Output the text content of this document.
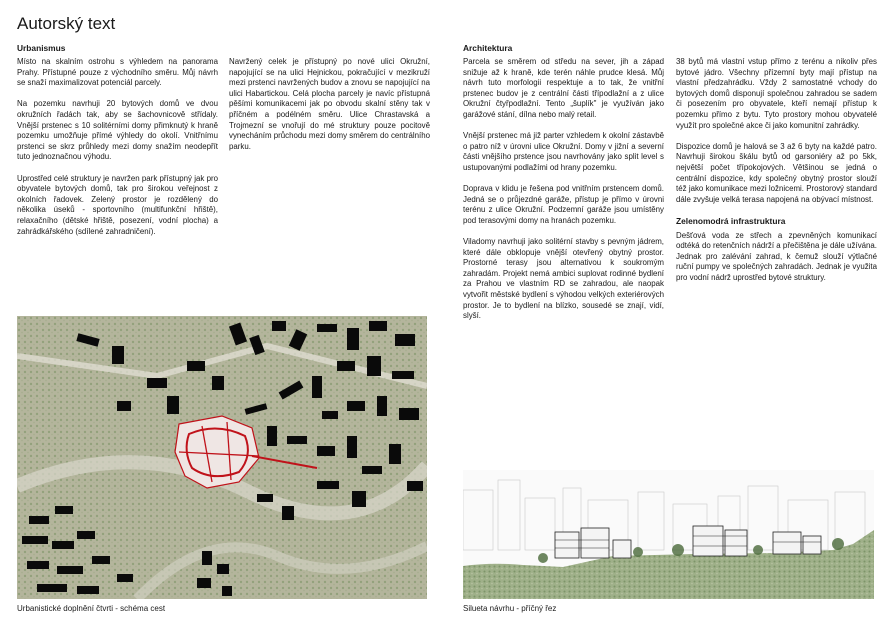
Autorský text
Urbanismus

Místo na skalním ostrohu s výhledem na panorama Prahy. Přístupné pouze z východního směru. Můj návrh se snaží maximalizovat potenciál parcely.

Na pozemku navrhuji 20 bytových domů ve dvou okružních řadách tak, aby se šachovnicově střídaly. Vnější prstenec s 10 solitérními domy přimknutý k hraně pozemku umožňuje přímé výhledy do okolí. Vnitřnímu prstenci se skrz průhledy mezi domy snažím neodepřít tuto jednoznačnou výhodu.

Uprostřed celé struktury je navržen park přístupný jak pro obyvatele bytových domů, tak pro širokou veřejnost z okolních řadovek. Zelený prostor je rozdělený do několika úseků - sportovního (multifunkční hřiště), relaxačního (dětské hřiště, posezení, vodní plocha) a zahrádkářského (sdílené zahradničení).

Navržený celek je přístupný po nové ulici Okružní, napojující se na ulici Hejnickou, pokračující v mezikruží mezi prstenci navržených budov a znovu se napojující na ulici Habartickou. Celá plocha parcely je navíc přístupná pěšími komunikacemi jak po obvodu skalní stěny tak v příčném a podélném směru. Ulice Chrastavská a Trojmezní se vnořují do mé struktury pouze pocitově vynecháním průchodu mezi domy směrem do centrálního parku.

Architektura

Parcela se směrem od středu na sever, jih a západ snižuje až k hraně, kde terén náhle prudce klesá. Můj návrh tuto morfologii respektuje a to tak, že vnitřní prstenec budov je z centrální části třípodlažní a z ulice Okružní čtyřpodlažní. Tento „šuplík" je využíván jako garážové stání, dílna nebo malý retail.

Vnější prstenec má již parter vzhledem k okolní zástavbě o patro níž v úrovni ulice Okružní. Domy v jižní a severní části vnějšího prstence jsou navrhovány jako split level s ustupovanými podlažími od hrany pozemku.

Doprava v klidu je řešena pod vnitřním prstencem domů. Jedná se o průjezdné garáže, přístup je přímo v úrovni terénu z ulice Okružní. Podzemní garáže jsou umístěny pod terasovými domy na hranách pozemku.

Viladomy navrhuji jako solitérní stavby s pevným jádrem, které dále obklopuje vnější otevřený obytný prostor. Prostorné terasy jsou alternativou k soukromým zahradám. Projekt nemá ambici suplovat rodinné bydlení za Prahou ve vlastním RD se zahradou, ale naopak vytvořit městské bydlení s výhodou velkých exteriérových prostor. Je to bydlení na blízko, sousedé se znají, vidí, slyší.

38 bytů má vlastní vstup přímo z terénu a nikoliv přes bytové jádro. Všechny přízemní byty mají přístup na vlastní předzahrádku. Vždy 2 samostatné vchody do bytových domů disponují společnou zahradou se sadem či posezením pro obyvatele, kteří nemají přístup k pozemku přímo z bytu. Tyto prostory mohou obyvatelé využít pro společné akce či jako komunitní zahrádky.

Dispozice domů je halová se 3 až 6 byty na každé patro. Navrhuji širokou škálu bytů od garsoniéry až po 5kk, největší počet třípokojových. Většinou se jedná o centrální dispozice, kdy společný obytný prostor slouží též jako komunikace mezi ložnicemi. Prostorový standard dále zvyšuje velká terasa napojená na obývací místnost.

Zelenomodrá infrastruktura

Dešťová voda ze střech a zpevněných komunikací odtéká do retenčních nádrží a přečištěna je dále užívána. Jednak pro zalévání zahrad, k čemuž slouží výtlačné ruční pumpy ve společných zahradách. Jednak je využita pro vodní nádrž uprostřed bytové struktury.

Urbanistické doplnění čtvrti - schéma cest	Silueta návrhu - příčný řez
